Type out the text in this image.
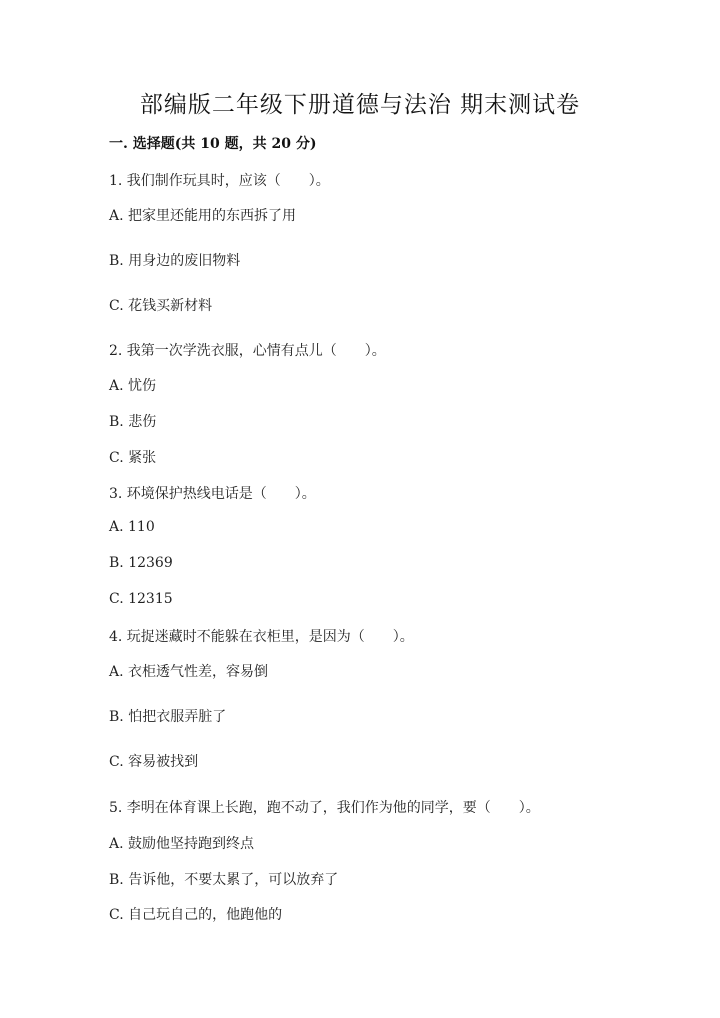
部编版二年级下册道德与法治 期末测试卷
一. 选择题(共 10 题，共 20 分)
1. 我们制作玩具时，应该（　　）。
A. 把家里还能用的东西拆了用
B. 用身边的废旧物料
C. 花钱买新材料
2. 我第一次学洗衣服，心情有点儿（　　）。
A. 忧伤
B. 悲伤
C. 紧张
3. 环境保护热线电话是（　　）。
A. 110
B. 12369
C. 12315
4. 玩捉迷藏时不能躲在衣柜里，是因为（　　）。
A. 衣柜透气性差，容易倒
B. 怕把衣服弄脏了
C. 容易被找到
5. 李明在体育课上长跑，跑不动了，我们作为他的同学，要（　　）。
A. 鼓励他坚持跑到终点
B. 告诉他，不要太累了，可以放弃了
C. 自己玩自己的，他跑他的
